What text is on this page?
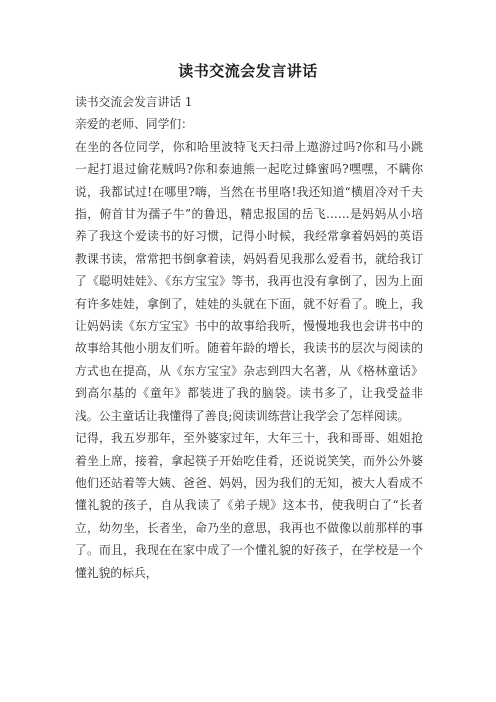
读书交流会发言讲话

读书交流会发言讲话 1

亲爱的老师、同学们：

在坐的各位同学，你和哈里波特飞天扫帚上遨游过吗?你和马小跳一起打退过偷花贼吗?你和泰迪熊一起吃过蜂蜜吗?嘿嘿，不瞒你说，我都试过!在哪里?嗨，当然在书里咯!我还知道“横眉冷对千夫指，俯首甘为孺子牛”的鲁迅，精忠报国的岳飞……是妈妈从小培养了我这个爱读书的好习惯，记得小时候，我经常拿着妈妈的英语教课书读，常常把书倒拿着读，妈妈看见我那么爱看书，就给我订了《聪明娃娃》、《东方宝宝》等书，我再也没有拿倒了，因为上面有许多娃娃，拿倒了，娃娃的头就在下面，就不好看了。晚上，我让妈妈读《东方宝宝》书中的故事给我听，慢慢地我也会讲书中的故事给其他小朋友们听。随着年龄的增长，我读书的层次与阅读的方式也在提高，从《东方宝宝》杂志到四大名著，从《格林童话》到高尔基的《童年》都装进了我的脑袋。读书多了，让我受益非浅。公主童话让我懂得了善良;阅读训练营让我学会了怎样阅读。

记得，我五岁那年，至外婆家过年，大年三十，我和哥哥、姐姐抢着坐上席，接着，拿起筷子开始吃佳肴，还说说笑笑，而外公外婆他们还站着等大姨、爸爸、妈妈，因为我们的无知，被大人看成不懂礼貌的孩子，自从我读了《弟子规》这本书，使我明白了“长者立，幼勿坐，长者坐，命乃坐的意思，我再也不做像以前那样的事了。而且，我现在在家中成了一个懂礼貌的好孩子，在学校是一个懂礼貌的标兵，
